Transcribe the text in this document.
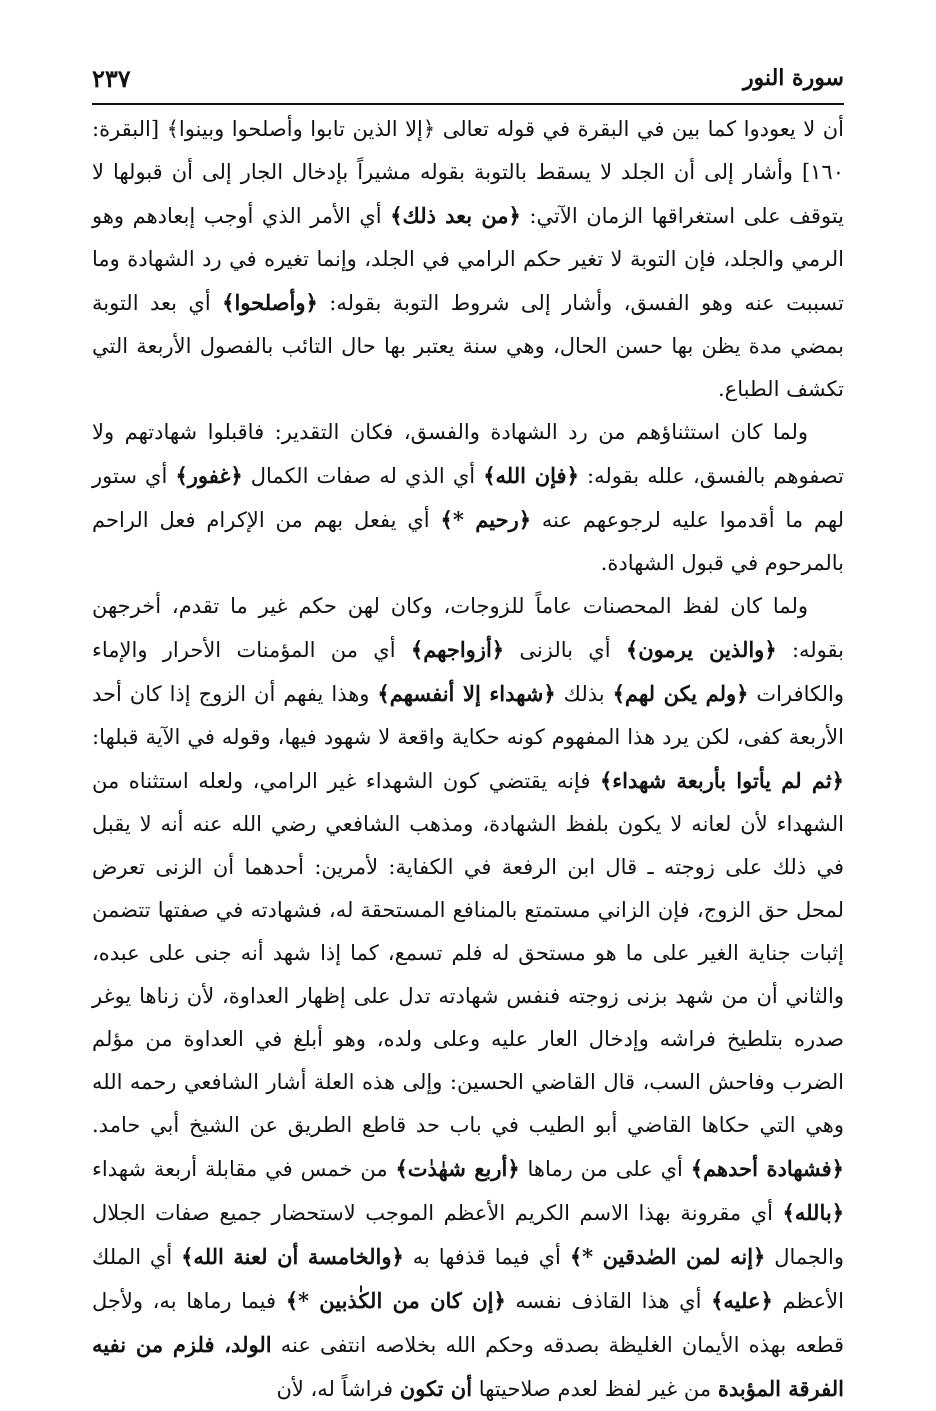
٢٣٧	سورة النور

أن لا يعودوا كما بين في البقرة في قوله تعالى ﴿إلا الذين تابوا وأصلحوا وبينوا﴾ [البقرة: ١٦٠] وأشار إلى أن الجلد لا يسقط بالتوبة بقوله مشيراً بإدخال الجار إلى أن قبولها لا يتوقف على استغراقها الزمان الآتي: ﴿من بعد ذلك﴾ أي الأمر الذي أوجب إبعادهم وهو الرمي والجلد، فإن التوبة لا تغير حكم الرامي في الجلد، وإنما تغيره في رد الشهادة وما تسببت عنه وهو الفسق، وأشار إلى شروط التوبة بقوله: ﴿وأصلحوا﴾ أي بعد التوبة بمضي مدة يظن بها حسن الحال، وهي سنة يعتبر بها حال التائب بالفصول الأربعة التي تكشف الطباع.

ولما كان استثناؤهم من رد الشهادة والفسق، فكان التقدير: فاقبلوا شهادتهم ولا تصفوهم بالفسق، علله بقوله: ﴿فإن الله﴾ أي الذي له صفات الكمال ﴿غفور﴾ أي ستور لهم ما أقدموا عليه لرجوعهم عنه ﴿رحيم *﴾ أي يفعل بهم من الإكرام فعل الراحم بالمرحوم في قبول الشهادة.

ولما كان لفظ المحصنات عاماً للزوجات، وكان لهن حكم غير ما تقدم، أخرجهن بقوله: ﴿والذين يرمون﴾ أي بالزنى ﴿أزواجهم﴾ أي من المؤمنات الأحرار والإماء والكافرات ﴿ولم يكن لهم﴾ بذلك ﴿شهداء إلا أنفسهم﴾ وهذا يفهم أن الزوج إذا كان أحد الأربعة كفى، لكن يرد هذا المفهوم كونه حكاية واقعة لا شهود فيها، وقوله في الآية قبلها: ﴿ثم لم يأتوا بأربعة شهداء﴾ فإنه يقتضي كون الشهداء غير الرامي، ولعله استثناه من الشهداء لأن لعانه لا يكون بلفظ الشهادة، ومذهب الشافعي رضي الله عنه أنه لا يقبل في ذلك على زوجته ـ قال ابن الرفعة في الكفاية: لأمرين: أحدهما أن الزنى تعرض لمحل حق الزوج، فإن الزاني مستمتع بالمنافع المستحقة له، فشهادته في صفتها تتضمن إثبات جناية الغير على ما هو مستحق له فلم تسمع، كما إذا شهد أنه جنى على عبده، والثاني أن من شهد بزنى زوجته فنفس شهادته تدل على إظهار العداوة، لأن زناها يوغر صدره بتلطيخ فراشه وإدخال العار عليه وعلى ولده، وهو أبلغ في العداوة من مؤلم الضرب وفاحش السب، قال القاضي الحسين: وإلى هذه العلة أشار الشافعي رحمه الله وهي التي حكاها القاضي أبو الطيب في باب حد قاطع الطريق عن الشيخ أبي حامد. ﴿فشهادة أحدهم﴾ أي على من رماها ﴿أربع شهٰدٰت﴾ من خمس في مقابلة أربعة شهداء ﴿بالله﴾ أي مقرونة بهذا الاسم الكريم الأعظم الموجب لاستحضار جميع صفات الجلال والجمال ﴿إنه لمن الصٰدقين *﴾ أي فيما قذفها به ﴿والخامسة أن لعنة الله﴾ أي الملك الأعظم ﴿عليه﴾ أي هذا القاذف نفسه ﴿إن كان من الكٰذبين *﴾ فيما رماها به، ولأجل قطعه بهذه الأيمان الغليظة بصدقه وحكم الله بخلاصه انتفى عنه الولد، فلزم من نفيه الفرقة المؤبدة من غير لفظ لعدم صلاحيتها أن تكون فراشاً له، لأن
